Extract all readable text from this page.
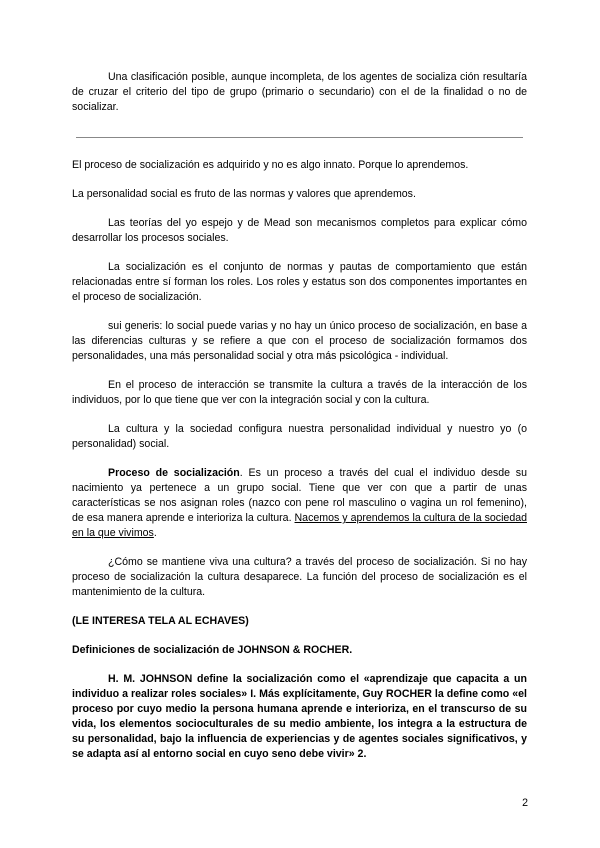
Una clasificación posible, aunque incompleta, de los agentes de socializa ción resultaría de cruzar el criterio del tipo de grupo (primario o secundario) con el de la finalidad o no de socializar.

El proceso de socialización es adquirido y no es algo innato. Porque lo aprendemos.

La personalidad social es fruto de las normas y valores que aprendemos.

Las teorías del yo espejo y de Mead son mecanismos completos para explicar cómo desarrollar los procesos sociales.

La socialización es el conjunto de normas y pautas de comportamiento que están relacionadas entre sí forman los roles. Los roles y estatus son dos componentes importantes en el proceso de socialización.

sui generis: lo social puede varias y no hay un único proceso de socialización, en base a las diferencias culturas y se refiere a que con el proceso de socialización formamos dos personalidades, una más personalidad social y otra más psicológica - individual.

En el proceso de interacción se transmite la cultura a través de la interacción de los individuos, por lo que tiene que ver con la integración social y con la cultura.

La cultura y la sociedad configura nuestra personalidad individual y nuestro yo (o personalidad) social.

Proceso de socialización. Es un proceso a través del cual el individuo desde su nacimiento ya pertenece a un grupo social. Tiene que ver con que a partir de unas características se nos asignan roles (nazco con pene rol masculino o vagina un rol femenino), de esa manera aprende e interioriza la cultura. Nacemos y aprendemos la cultura de la sociedad en la que vivimos.

¿Cómo se mantiene viva una cultura? a través del proceso de socialización. Si no hay proceso de socialización la cultura desaparece. La función del proceso de socialización es el mantenimiento de la cultura.

(LE INTERESA TELA AL ECHAVES)

Definiciones de socialización de JOHNSON & ROCHER.

H. M. JOHNSON define la socialización como el «aprendizaje que capacita a un individuo a realizar roles sociales» I. Más explícitamente, Guy ROCHER la define como «el proceso por cuyo medio la persona humana aprende e interioriza, en el transcurso de su vida, los elementos socioculturales de su medio ambiente, los integra a la estructura de su personalidad, bajo la influencia de experiencias y de agentes sociales significativos, y se adapta así al entorno social en cuyo seno debe vivir» 2.

2
